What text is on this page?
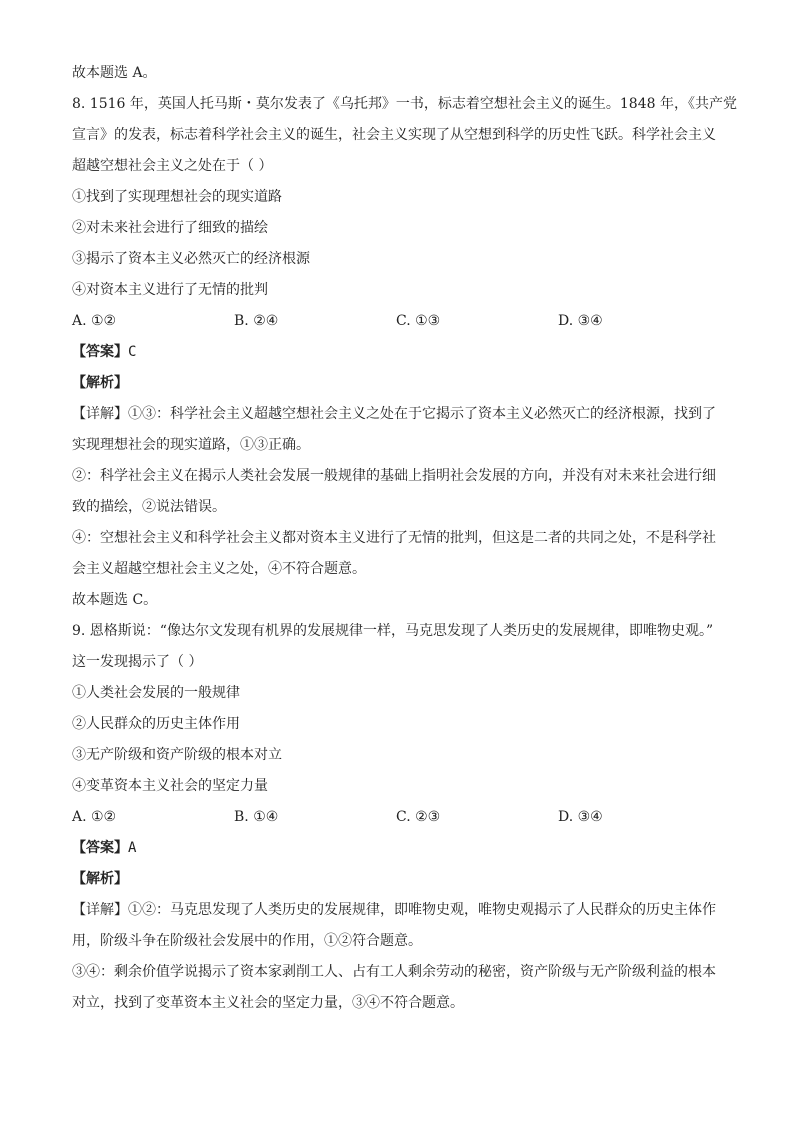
故本题选 A。
8. 1516 年，英国人托马斯・莫尔发表了《乌托邦》一书，标志着空想社会主义的诞生。1848 年，《共产党
宣言》的发表，标志着科学社会主义的诞生，社会主义实现了从空想到科学的历史性飞跃。科学社会主义
超越空想社会主义之处在于（ ）
①找到了实现理想社会的现实道路
②对未来社会进行了细致的描绘
③揭示了资本主义必然灭亡的经济根源
④对资本主义进行了无情的批判
A. ①②	B. ②④	C. ①③	D. ③④
【答案】C
【解析】
【详解】①③：科学社会主义超越空想社会主义之处在于它揭示了资本主义必然灭亡的经济根源，找到了
实现理想社会的现实道路，①③正确。
②：科学社会主义在揭示人类社会发展一般规律的基础上指明社会发展的方向，并没有对未来社会进行细
致的描绘，②说法错误。
④：空想社会主义和科学社会主义都对资本主义进行了无情的批判，但这是二者的共同之处，不是科学社
会主义超越空想社会主义之处，④不符合题意。
故本题选 C。
9. 恩格斯说：“像达尔文发现有机界的发展规律一样，马克思发现了人类历史的发展规律，即唯物史观。”
这一发现揭示了（ ）
①人类社会发展的一般规律
②人民群众的历史主体作用
③无产阶级和资产阶级的根本对立
④变革资本主义社会的坚定力量
A. ①②	B. ①④	C. ②③	D. ③④
【答案】A
【解析】
【详解】①②：马克思发现了人类历史的发展规律，即唯物史观，唯物史观揭示了人民群众的历史主体作
用，阶级斗争在阶级社会发展中的作用，①②符合题意。
③④：剩余价值学说揭示了资本家剥削工人、占有工人剩余劳动的秘密，资产阶级与无产阶级利益的根本
对立，找到了变革资本主义社会的坚定力量，③④不符合题意。
